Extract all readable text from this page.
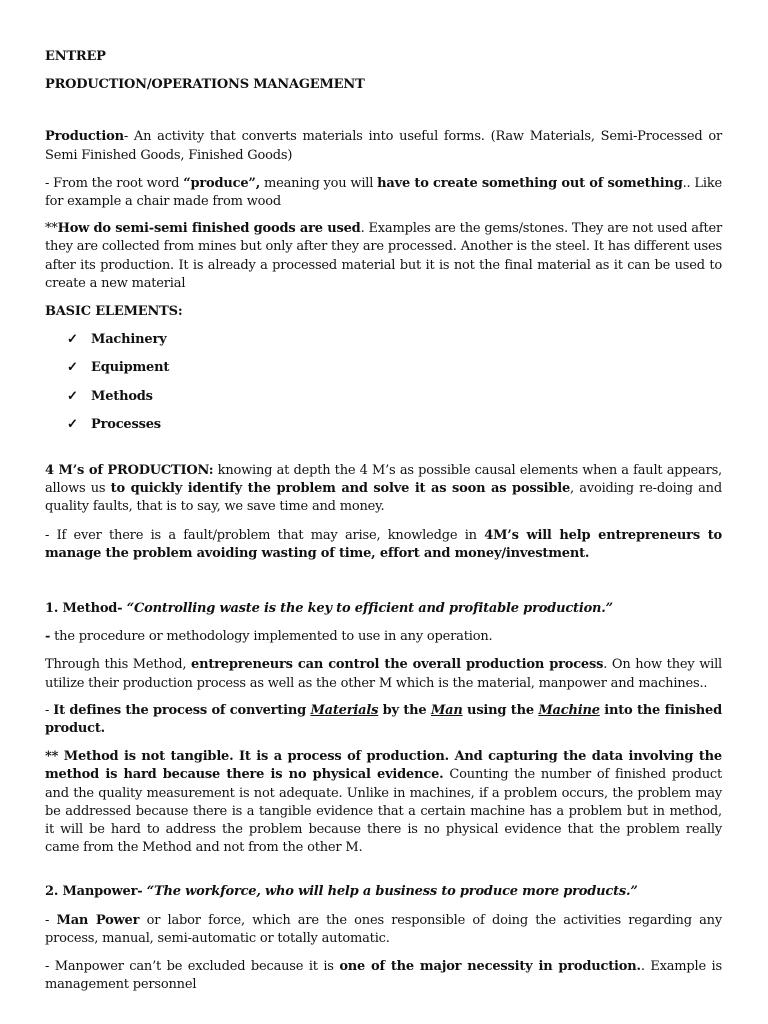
ENTREP

PRODUCTION/OPERATIONS MANAGEMENT

Production- An activity that converts materials into useful forms. (Raw Materials, Semi-Processed or Semi Finished Goods, Finished Goods)

- From the root word “produce”, meaning you will have to create something out of something.. Like for example a chair made from wood

**How do semi-semi finished goods are used. Examples are the gems/stones. They are not used after they are collected from mines but only after they are processed. Another is the steel. It has different uses after its production. It is already a processed material but it is not the final material as it can be used to create a new material

BASIC ELEMENTS:

✓ Machinery
✓ Equipment
✓ Methods
✓ Processes

4 M’s of PRODUCTION: knowing at depth the 4 M’s as possible causal elements when a fault appears, allows us to quickly identify the problem and solve it as soon as possible, avoiding re-doing and quality faults, that is to say, we save time and money.

- If ever there is a fault/problem that may arise, knowledge in 4M’s will help entrepreneurs to manage the problem avoiding wasting of time, effort and money/investment.

1. Method- “Controlling waste is the key to efficient and profitable production.”

- the procedure or methodology implemented to use in any operation.

Through this Method, entrepreneurs can control the overall production process. On how they will utilize their production process as well as the other M which is the material, manpower and machines..

- It defines the process of converting Materials by the Man using the Machine into the finished product.

** Method is not tangible. It is a process of production. And capturing the data involving the method is hard because there is no physical evidence. Counting the number of finished product and the quality measurement is not adequate. Unlike in machines, if a problem occurs, the problem may be addressed because there is a tangible evidence that a certain machine has a problem but in method, it will be hard to address the problem because there is no physical evidence that the problem really came from the Method and not from the other M.

2. Manpower- “The workforce, who will help a business to produce more products.”

- Man Power or labor force, which are the ones responsible of doing the activities regarding any process, manual, semi-automatic or totally automatic.

- Manpower can’t be excluded because it is one of the major necessity in production.. Example is management personnel
